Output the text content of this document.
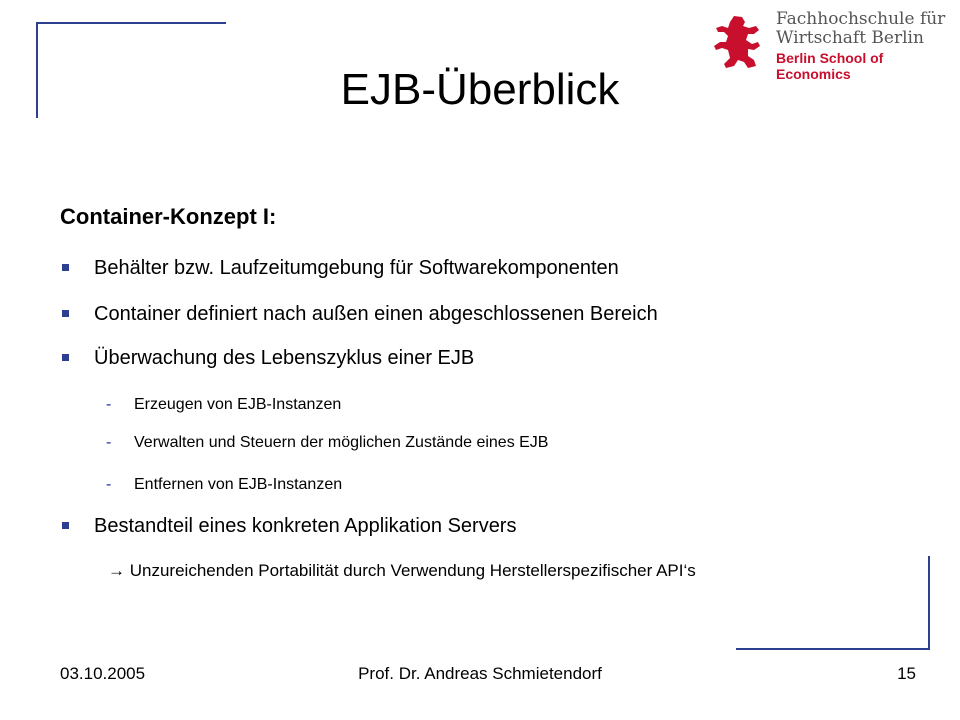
Fachhochschule für
Wirtschaft Berlin
Berlin School of Economics
EJB-Überblick
Container-Konzept I:
Behälter bzw. Laufzeitumgebung für Softwarekomponenten
Container definiert nach außen einen abgeschlossenen Bereich
Überwachung des Lebenszyklus einer EJB
- Erzeugen von EJB-Instanzen
- Verwalten und Steuern der möglichen Zustände eines EJB
- Entfernen von EJB-Instanzen
Bestandteil eines konkreten Applikation Servers
→ Unzureichenden Portabilität durch Verwendung Herstellerspezifischer API‘s
03.10.2005	Prof. Dr. Andreas Schmietendorf	15
